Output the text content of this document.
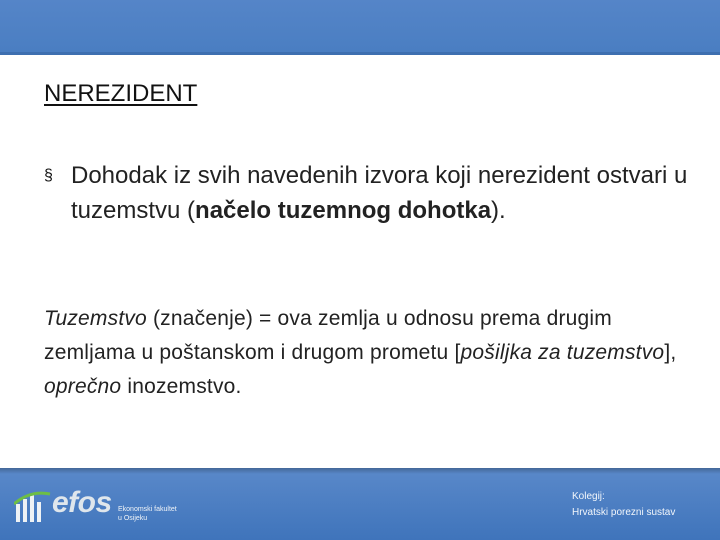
NEREZIDENT
§ Dohodak iz svih navedenih izvora koji nerezident ostvari u tuzemstvu (načelo tuzemnog dohotka).
Tuzemstvo (značenje) = ova zemlja u odnosu prema drugim zemljama u poštanskom i drugom prometu [pošiljka za tuzemstvo], oprečno inozemstvo.
efos Ekonomski fakultet
u Osijeku
Kolegij:
Hrvatski porezni sustav
